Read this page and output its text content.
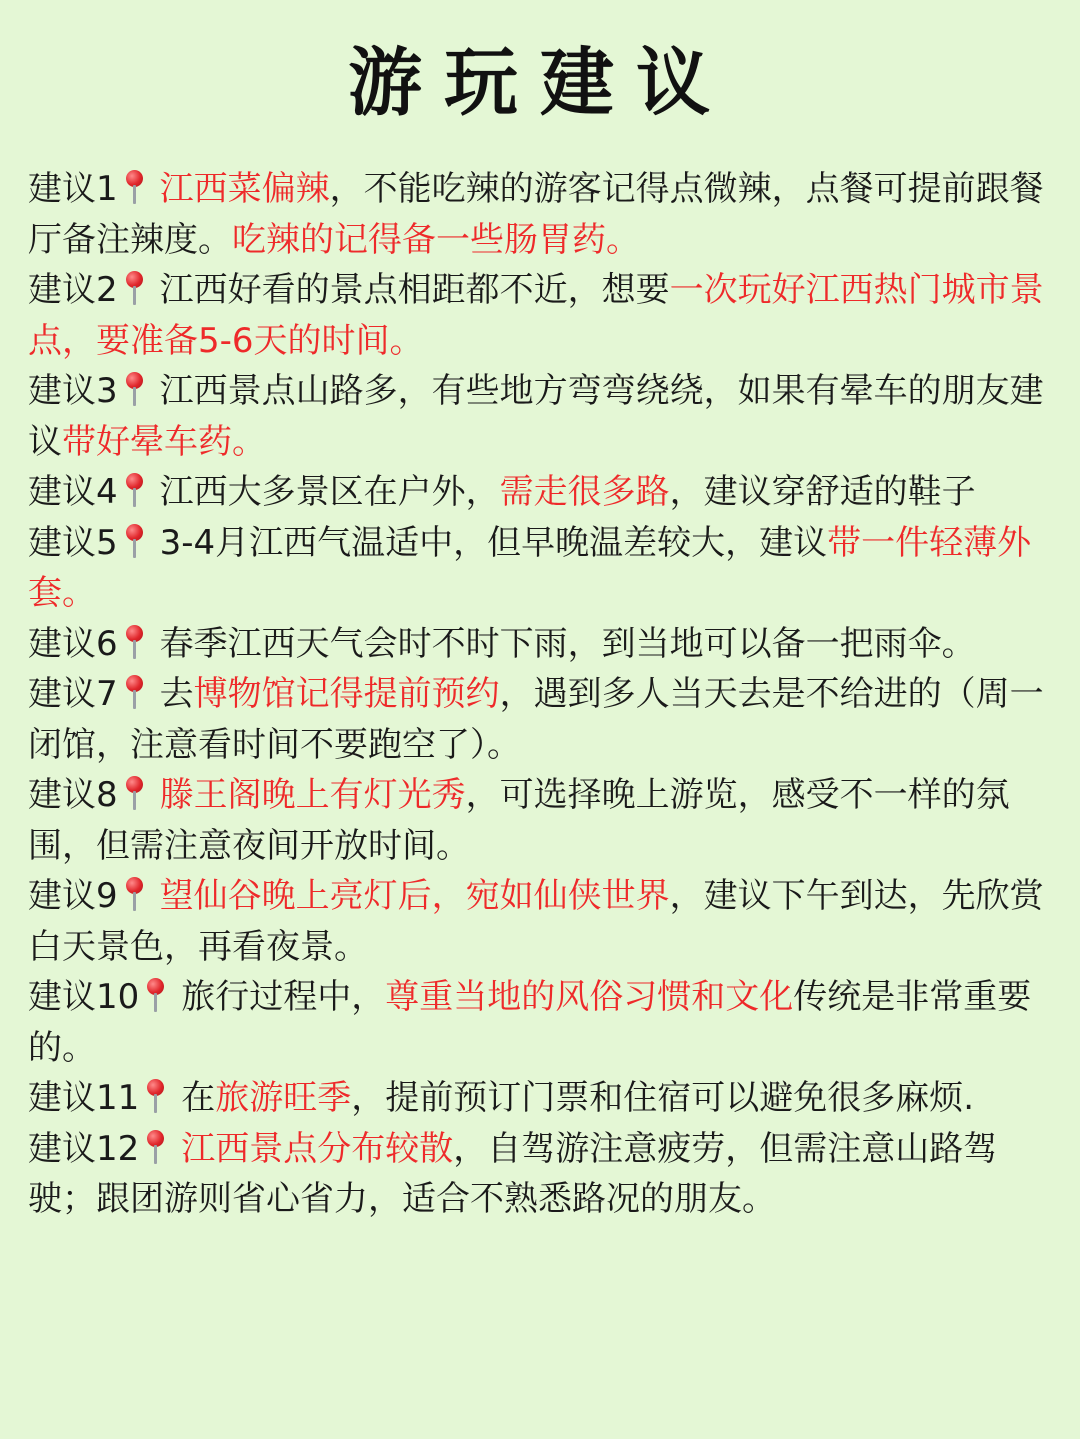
游玩建议
建议1 江西菜偏辣，不能吃辣的游客记得点微辣，点餐可提前跟餐厅备注辣度。吃辣的记得备一些肠胃药。
建议2 江西好看的景点相距都不近，想要一次玩好江西热门城市景点，要准备5-6天的时间。
建议3 江西景点山路多，有些地方弯弯绕绕，如果有晕车的朋友建议带好晕车药。
建议4 江西大多景区在户外，需走很多路，建议穿舒适的鞋子
建议5 3-4月江西气温适中，但早晚温差较大，建议带一件轻薄外套。
建议6 春季江西天气会时不时下雨，到当地可以备一把雨伞。
建议7 去博物馆记得提前预约，遇到多人当天去是不给进的（周一闭馆，注意看时间不要跑空了）。
建议8 滕王阁晚上有灯光秀，可选择晚上游览，感受不一样的氛围，但需注意夜间开放时间。
建议9 望仙谷晚上亮灯后，宛如仙侠世界，建议下午到达，先欣赏白天景色，再看夜景。
建议10 旅行过程中，尊重当地的风俗习惯和文化传统是非常重要的。
建议11 在旅游旺季，提前预订门票和住宿可以避免很多麻烦.
建议12 江西景点分布较散，自驾游注意疲劳，但需注意山路驾驶；跟团游则省心省力，适合不熟悉路况的朋友。
